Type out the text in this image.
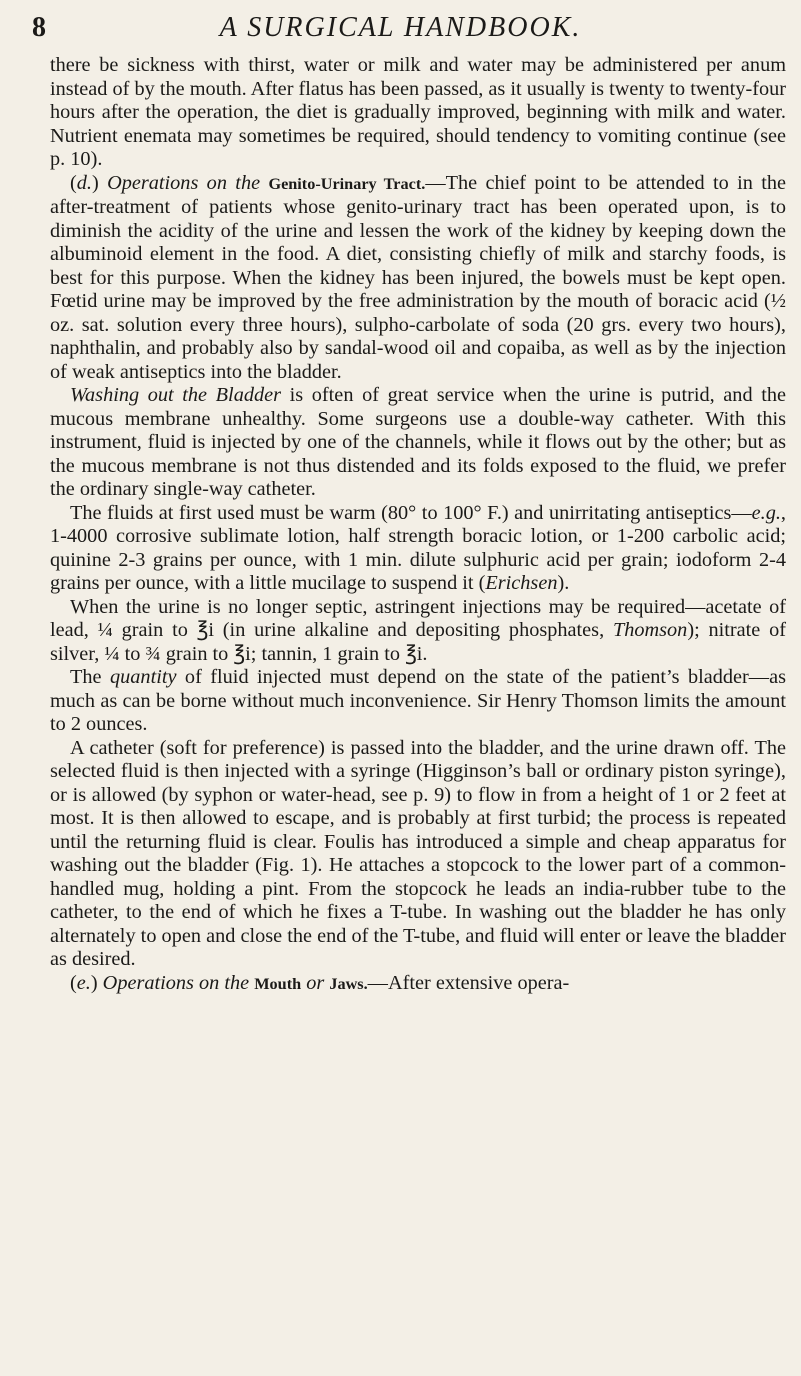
8	A SURGICAL HANDBOOK.

there be sickness with thirst, water or milk and water may be administered per anum instead of by the mouth. After flatus has been passed, as it usually is twenty to twenty-four hours after the operation, the diet is gradually improved, beginning with milk and water. Nutrient enemata may sometimes be required, should tendency to vomiting continue (see p. 10).

(d.) Operations on the Genito-Urinary Tract.—The chief point to be attended to in the after-treatment of patients whose genito-urinary tract has been operated upon, is to diminish the acidity of the urine and lessen the work of the kidney by keeping down the albuminoid element in the food. A diet, consisting chiefly of milk and starchy foods, is best for this purpose. When the kidney has been injured, the bowels must be kept open. Fœtid urine may be improved by the free administration by the mouth of boracic acid (½ oz. sat. solution every three hours), sulpho-carbolate of soda (20 grs. every two hours), naphthalin, and probably also by sandal-wood oil and copaiba, as well as by the injection of weak antiseptics into the bladder.

Washing out the Bladder is often of great service when the urine is putrid, and the mucous membrane unhealthy. Some surgeons use a double-way catheter. With this instrument, fluid is injected by one of the channels, while it flows out by the other; but as the mucous membrane is not thus distended and its folds exposed to the fluid, we prefer the ordinary single-way catheter.

The fluids at first used must be warm (80° to 100° F.) and unirritating antiseptics—e.g., 1-4000 corrosive sublimate lotion, half strength boracic lotion, or 1-200 carbolic acid; quinine 2-3 grains per ounce, with 1 min. dilute sulphuric acid per grain; iodoform 2-4 grains per ounce, with a little mucilage to suspend it (Erichsen).

When the urine is no longer septic, astringent injections may be required—acetate of lead, ¼ grain to ℥i (in urine alkaline and depositing phosphates, Thomson); nitrate of silver, ¼ to ¾ grain to ℥i; tannin, 1 grain to ℥i.

The quantity of fluid injected must depend on the state of the patient’s bladder—as much as can be borne without much inconvenience. Sir Henry Thomson limits the amount to 2 ounces.

A catheter (soft for preference) is passed into the bladder, and the urine drawn off. The selected fluid is then injected with a syringe (Higginson’s ball or ordinary piston syringe), or is allowed (by syphon or water-head, see p. 9) to flow in from a height of 1 or 2 feet at most. It is then allowed to escape, and is probably at first turbid; the process is repeated until the returning fluid is clear. Foulis has introduced a simple and cheap apparatus for washing out the bladder (Fig. 1). He attaches a stopcock to the lower part of a common-handled mug, holding a pint. From the stopcock he leads an india-rubber tube to the catheter, to the end of which he fixes a T-tube. In washing out the bladder he has only alternately to open and close the end of the T-tube, and fluid will enter or leave the bladder as desired.

(e.) Operations on the Mouth or Jaws.—After extensive opera-
